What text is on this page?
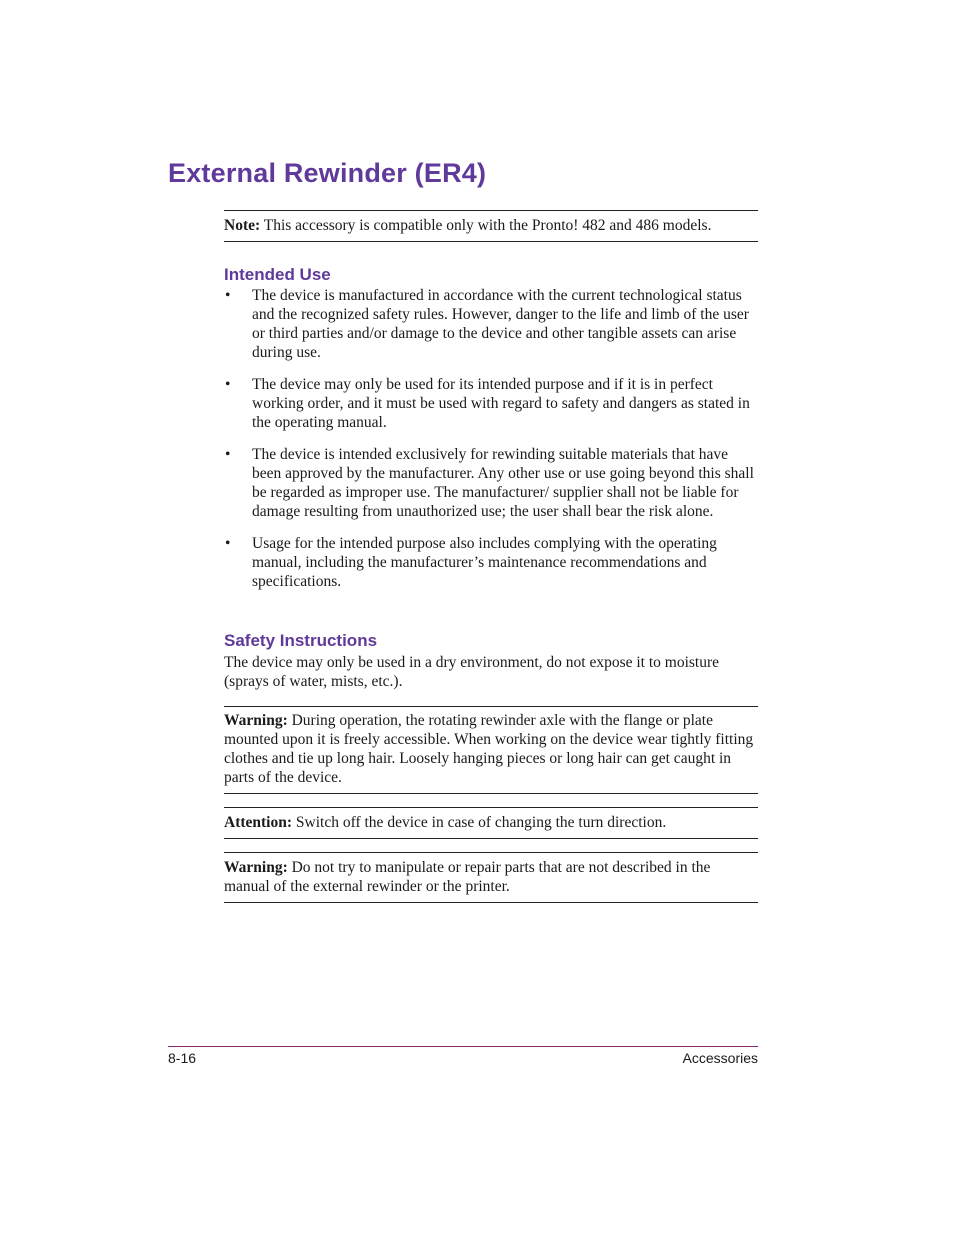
External Rewinder (ER4)

Note: This accessory is compatible only with the Pronto! 482 and 486 models.

Intended Use
• The device is manufactured in accordance with the current technological status and the recognized safety rules. However, danger to the life and limb of the user or third parties and/or damage to the device and other tangible assets can arise during use.
• The device may only be used for its intended purpose and if it is in perfect working order, and it must be used with regard to safety and dangers as stated in the operating manual.
• The device is intended exclusively for rewinding suitable materials that have been approved by the manufacturer. Any other use or use going beyond this shall be regarded as improper use. The manufacturer/ supplier shall not be liable for damage resulting from unauthorized use; the user shall bear the risk alone.
• Usage for the intended purpose also includes complying with the operating manual, including the manufacturer’s maintenance recommendations and specifications.
Safety Instructions

The device may only be used in a dry environment, do not expose it to moisture (sprays of water, mists, etc.).

Warning: During operation, the rotating rewinder axle with the flange or plate mounted upon it is freely accessible. When working on the device wear tightly fitting clothes and tie up long hair. Loosely hanging pieces or long hair can get caught in parts of the device.

Attention: Switch off the device in case of changing the turn direction.

Warning: Do not try to manipulate or repair parts that are not described in the manual of the external rewinder or the printer.

8-16	Accessories
